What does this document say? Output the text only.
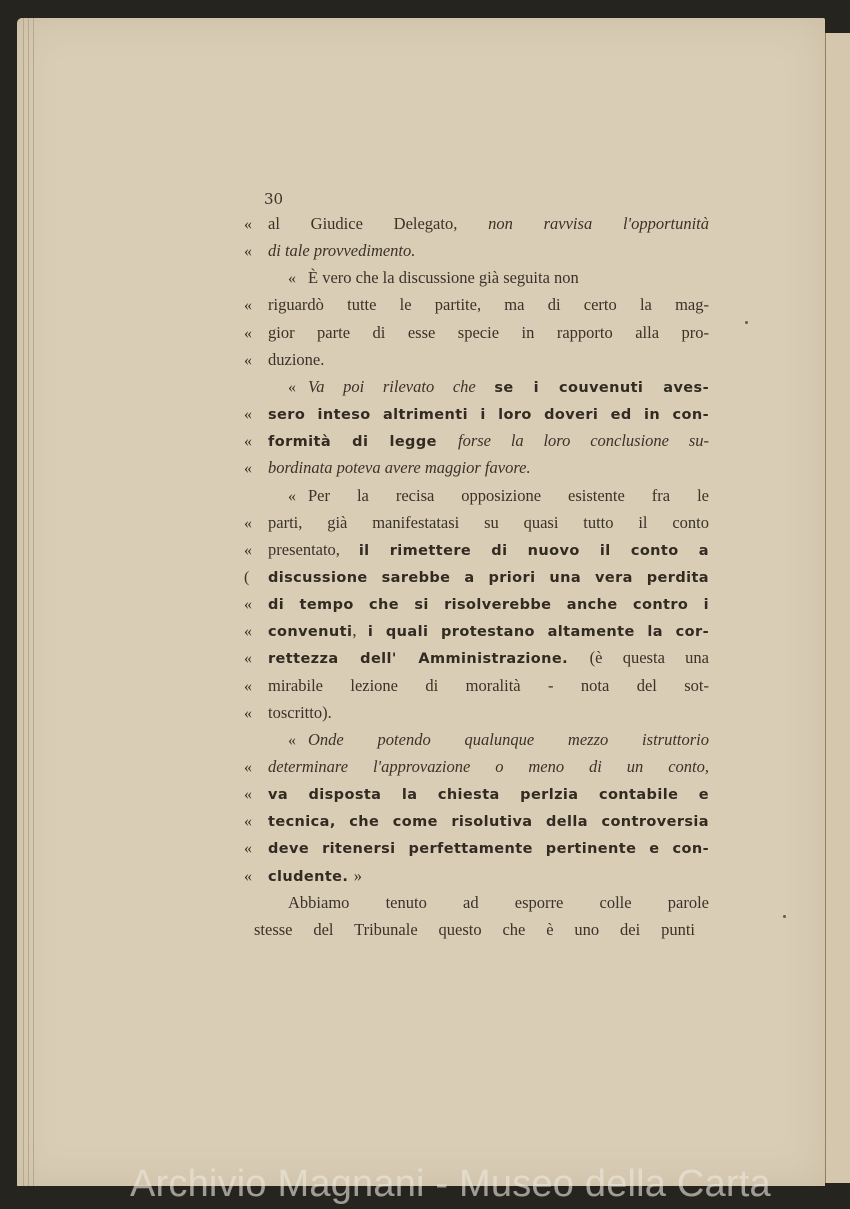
30
« al Giudice Delegato, non ravvisa l'opportunità
« di tale provvedimento.
« È vero che la discussione già seguita non
« riguardò tutte le partite, ma di certo la mag-
« gior parte di esse specie in rapporto alla pro-
« duzione.
« Va poi rilevato che se i couvenuti aves-
« sero inteso altrimenti i loro doveri ed in con-
« formità di legge forse la loro conclusione su-
« bordinata poteva avere maggior favore.
« Per la recisa opposizione esistente fra le
« parti, già manifestatasi su quasi tutto il conto
« presentato, il rimettere di nuovo il conto a
( discussione sarebbe a priori una vera perdita
« di tempo che si risolverebbe anche contro i
« convenuti, i quali protestano altamente la cor-
« rettezza dell' Amministrazione. (è questa una
« mirabile lezione di moralità - nota del sot-
« toscritto).
« Onde potendo qualunque mezzo istruttorio
« determinare l'approvazione o meno di un conto,
« va disposta la chiesta perlzia contabile e
« tecnica, che come risolutiva della controversia
« deve ritenersi perfettamente pertinente e con-
« cludente. »
Abbiamo tenuto ad esporre colle parole
stesse del Tribunale questo che è uno dei punti
Archivio Magnani - Museo della Carta
